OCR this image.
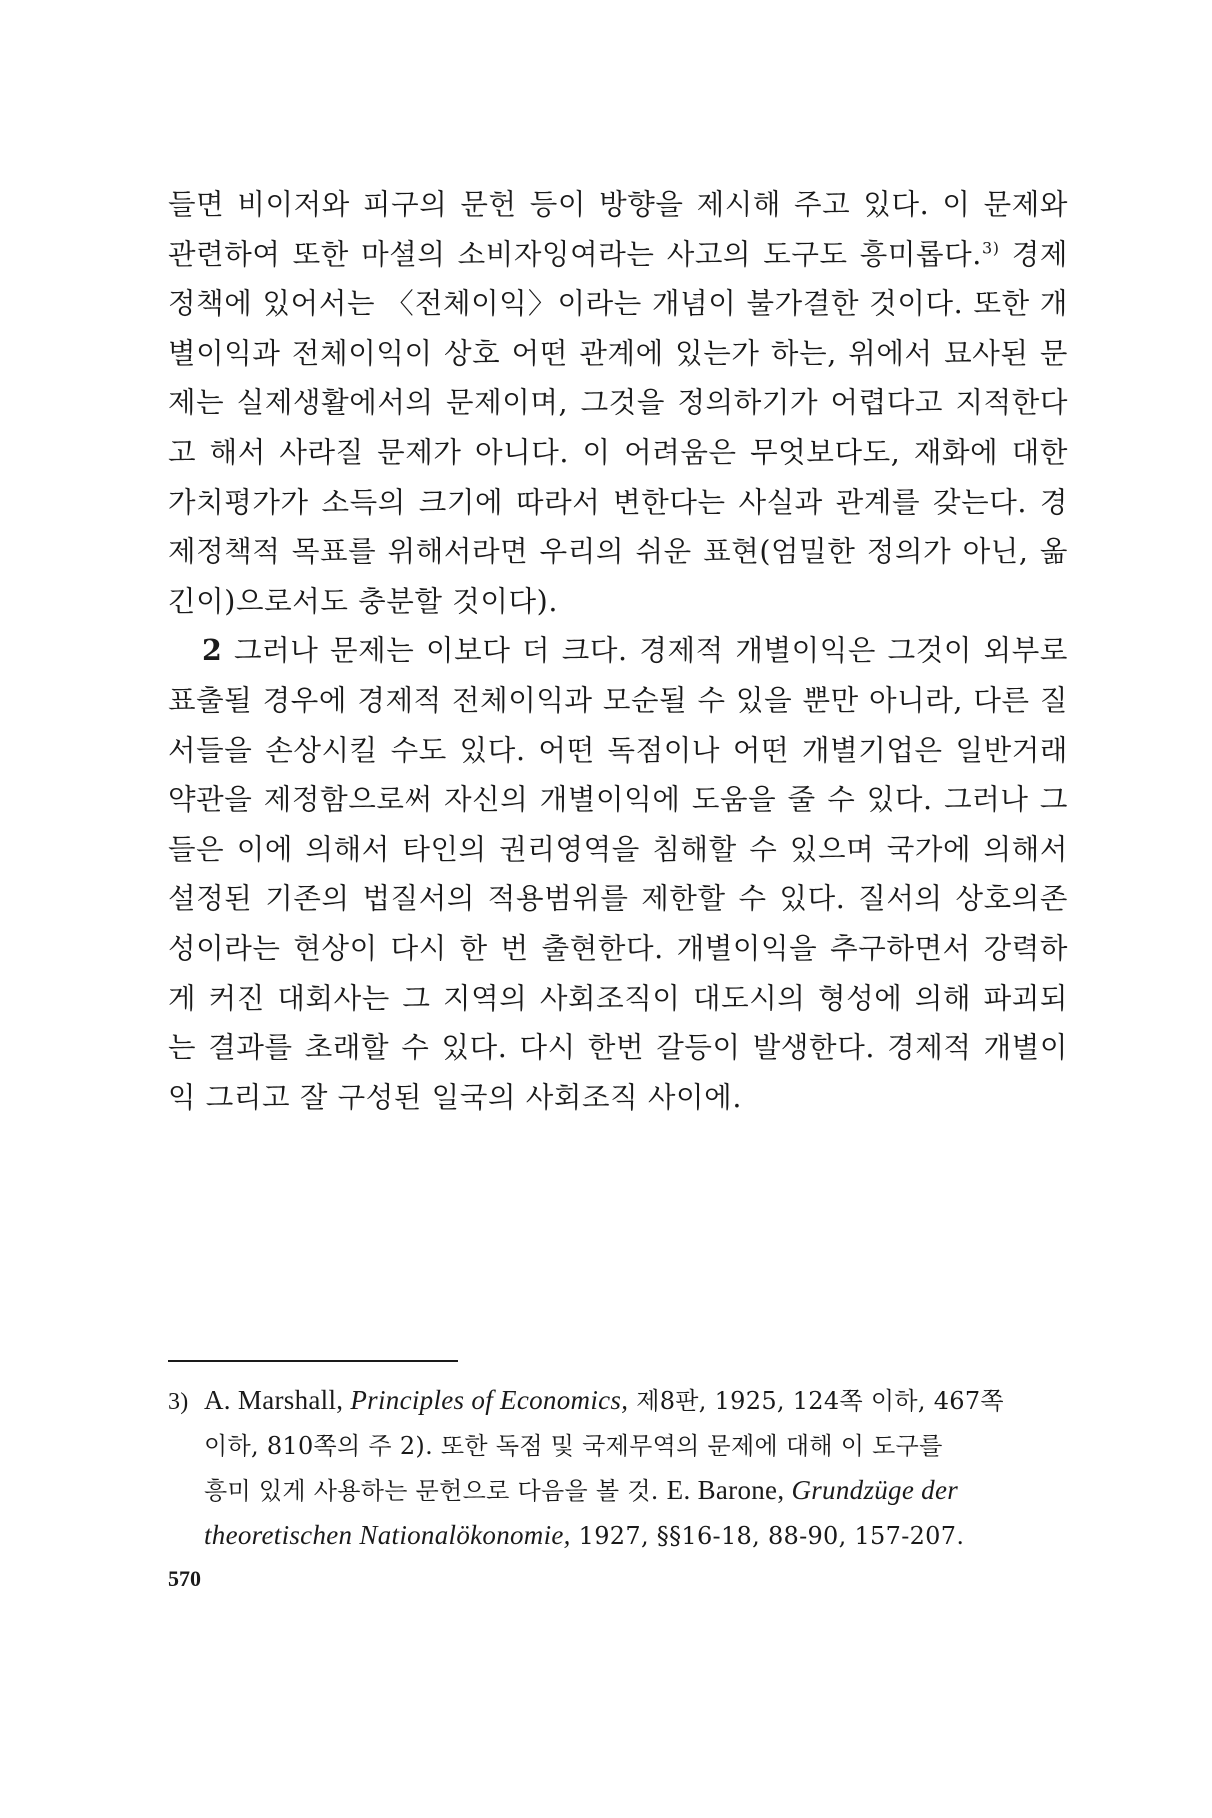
들면 비이저와 피구의 문헌 등이 방향을 제시해 주고 있다. 이 문제와 관련하여 또한 마셜의 소비자잉여라는 사고의 도구도 흥미롭다.$^{3)}$ 경제정책에 있어서는 〈전체이익〉이라는 개념이 불가결한 것이다. 또한 개별이익과 전체이익이 상호 어떤 관계에 있는가 하는, 위에서 묘사된 문제는 실제생활에서의 문제이며, 그것을 정의하기가 어렵다고 지적한다고 해서 사라질 문제가 아니다. 이 어려움은 무엇보다도, 재화에 대한 가치평가가 소득의 크기에 따라서 변한다는 사실과 관계를 갖는다. 경제정책적 목표를 위해서라면 우리의 쉬운 표현(엄밀한 정의가 아닌, 옮긴이)으로서도 충분할 것이다).

2 그러나 문제는 이보다 더 크다. 경제적 개별이익은 그것이 외부로 표출될 경우에 경제적 전체이익과 모순될 수 있을 뿐만 아니라, 다른 질서들을 손상시킬 수도 있다. 어떤 독점이나 어떤 개별기업은 일반거래약관을 제정함으로써 자신의 개별이익에 도움을 줄 수 있다. 그러나 그들은 이에 의해서 타인의 권리영역을 침해할 수 있으며 국가에 의해서 설정된 기존의 법질서의 적용범위를 제한할 수 있다. 질서의 상호의존성이라는 현상이 다시 한 번 출현한다. 개별이익을 추구하면서 강력하게 커진 대회사는 그 지역의 사회조직이 대도시의 형성에 의해 파괴되는 결과를 초래할 수 있다. 다시 한번 갈등이 발생한다. 경제적 개별이익 그리고 잘 구성된 일국의 사회조직 사이에.

3) A. Marshall, Principles of Economics, 제8판, 1925, 124쪽 이하, 467쪽
이하, 810쪽의 주 2). 또한 독점 및 국제무역의 문제에 대해 이 도구를
흥미 있게 사용하는 문헌으로 다음을 볼 것. E. Barone, Grundzüge der
theoretischen Nationalökonomie, 1927, §§16-18, 88-90, 157-207.
570
